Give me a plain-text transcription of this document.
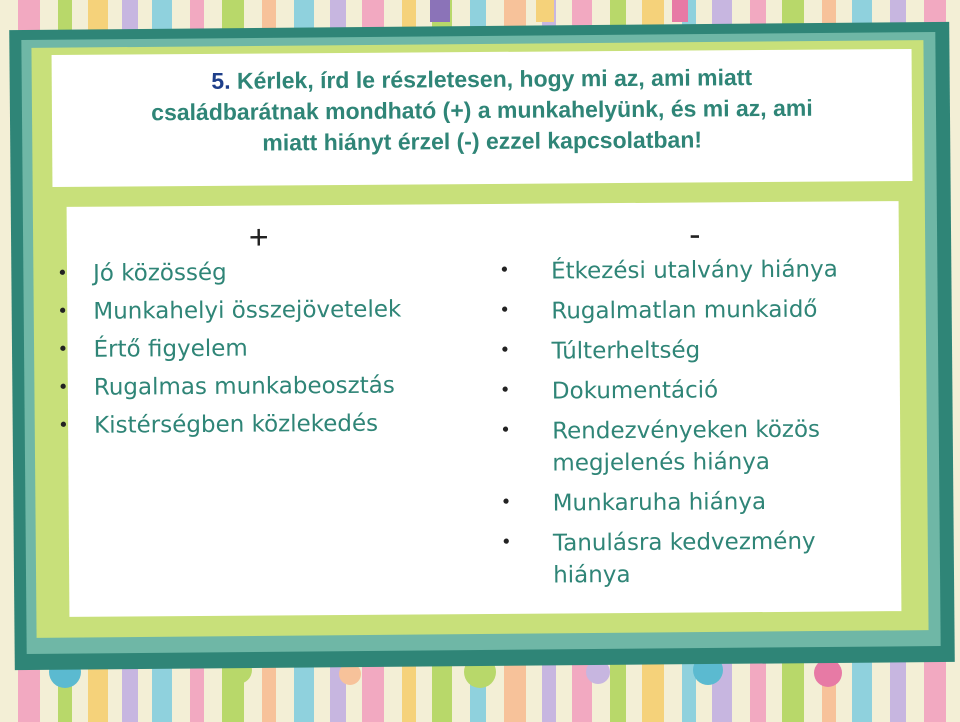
5. Kérlek, írd le részletesen, hogy mi az, ami miatt
családbarátnak mondható (+) a munkahelyünk, és mi az, ami
miatt hiányt érzel (-) ezzel kapcsolatban!

+
• Jó közösség
• Munkahelyi összejövetelek
• Értő figyelem
• Rugalmas munkabeosztás
• Kistérségben közlekedés
-
• Étkezési utalvány hiánya
• Rugalmatlan munkaidő
• Túlterheltség
• Dokumentáció
• Rendezvényeken közös megjelenés hiánya
• Munkaruha hiánya
• Tanulásra kedvezmény hiánya
